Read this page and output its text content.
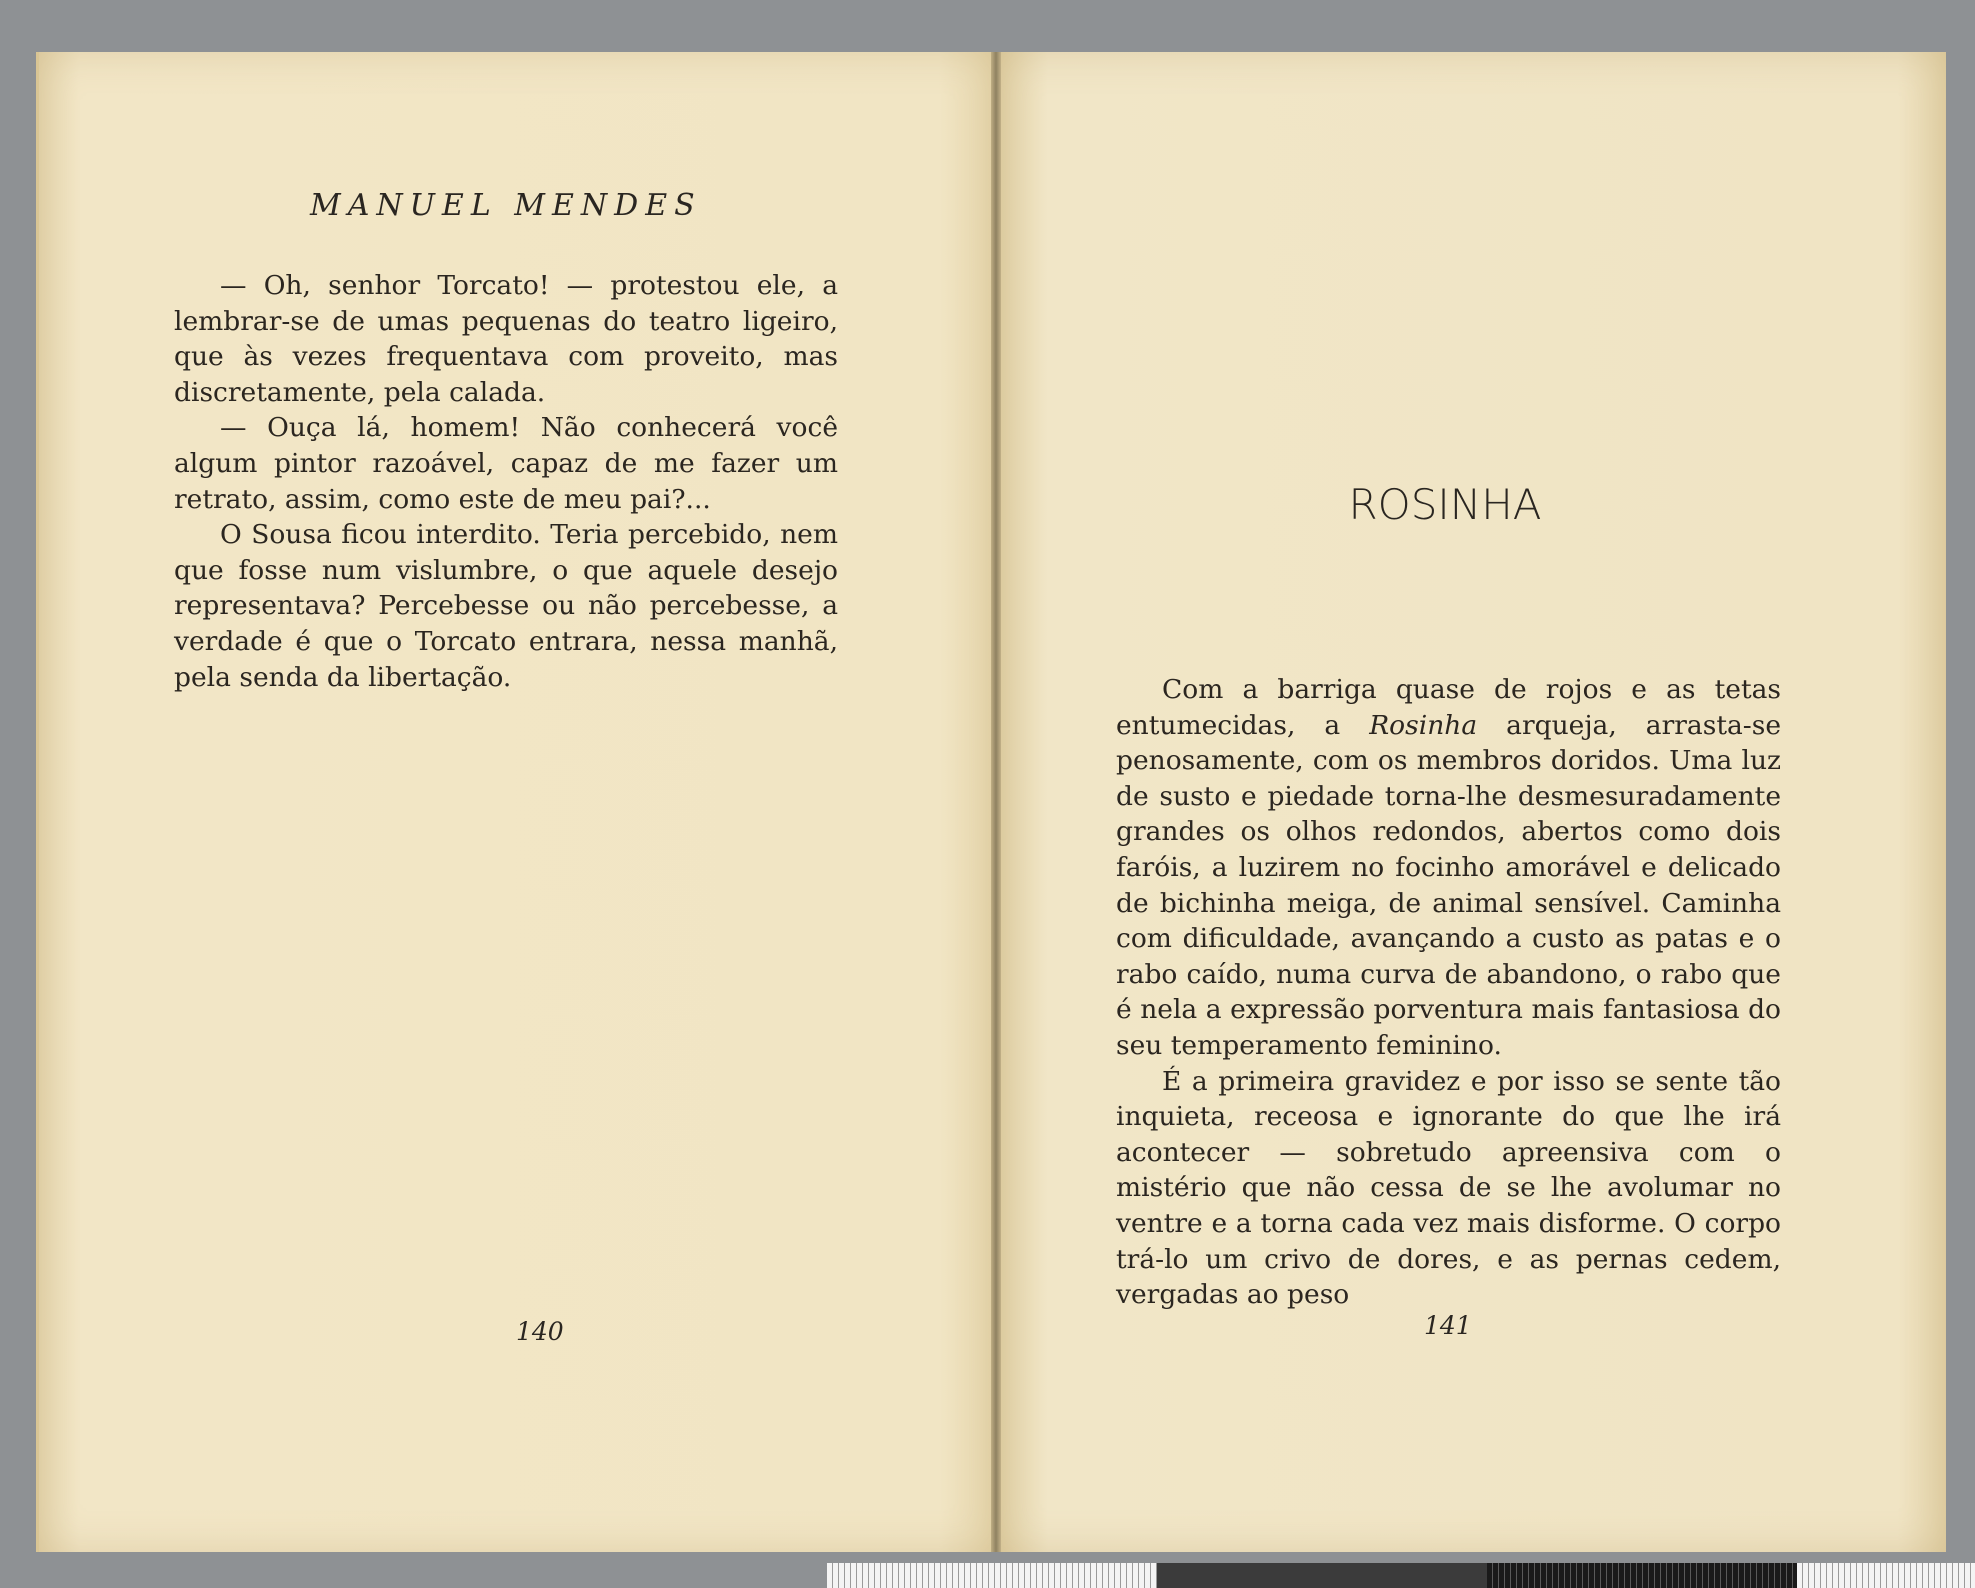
MANUEL MENDES

— Oh, senhor Torcato! — protestou ele, a lembrar-se de umas pequenas do teatro ligeiro, que às vezes frequentava com proveito, mas discretamente, pela calada.

— Ouça lá, homem! Não conhecerá você algum pintor razoável, capaz de me fazer um retrato, assim, como este de meu pai?...

O Sousa ficou interdito. Teria percebido, nem que fosse num vislumbre, o que aquele desejo representava? Percebesse ou não percebesse, a verdade é que o Torcato entrara, nessa manhã, pela senda da libertação.

140
ROSINHA

Com a barriga quase de rojos e as tetas entumecidas, a Rosinha arqueja, arrasta-se penosamente, com os membros doridos. Uma luz de susto e piedade torna-lhe desmesuradamente grandes os olhos redondos, abertos como dois faróis, a luzirem no focinho amorável e delicado de bichinha meiga, de animal sensível. Caminha com dificuldade, avançando a custo as patas e o rabo caído, numa curva de abandono, o rabo que é nela a expressão porventura mais fantasiosa do seu temperamento feminino.

É a primeira gravidez e por isso se sente tão inquieta, receosa e ignorante do que lhe irá acontecer — sobretudo apreensiva com o mistério que não cessa de se lhe avolumar no ventre e a torna cada vez mais disforme. O corpo trá-lo um crivo de dores, e as pernas cedem, vergadas ao peso

141
